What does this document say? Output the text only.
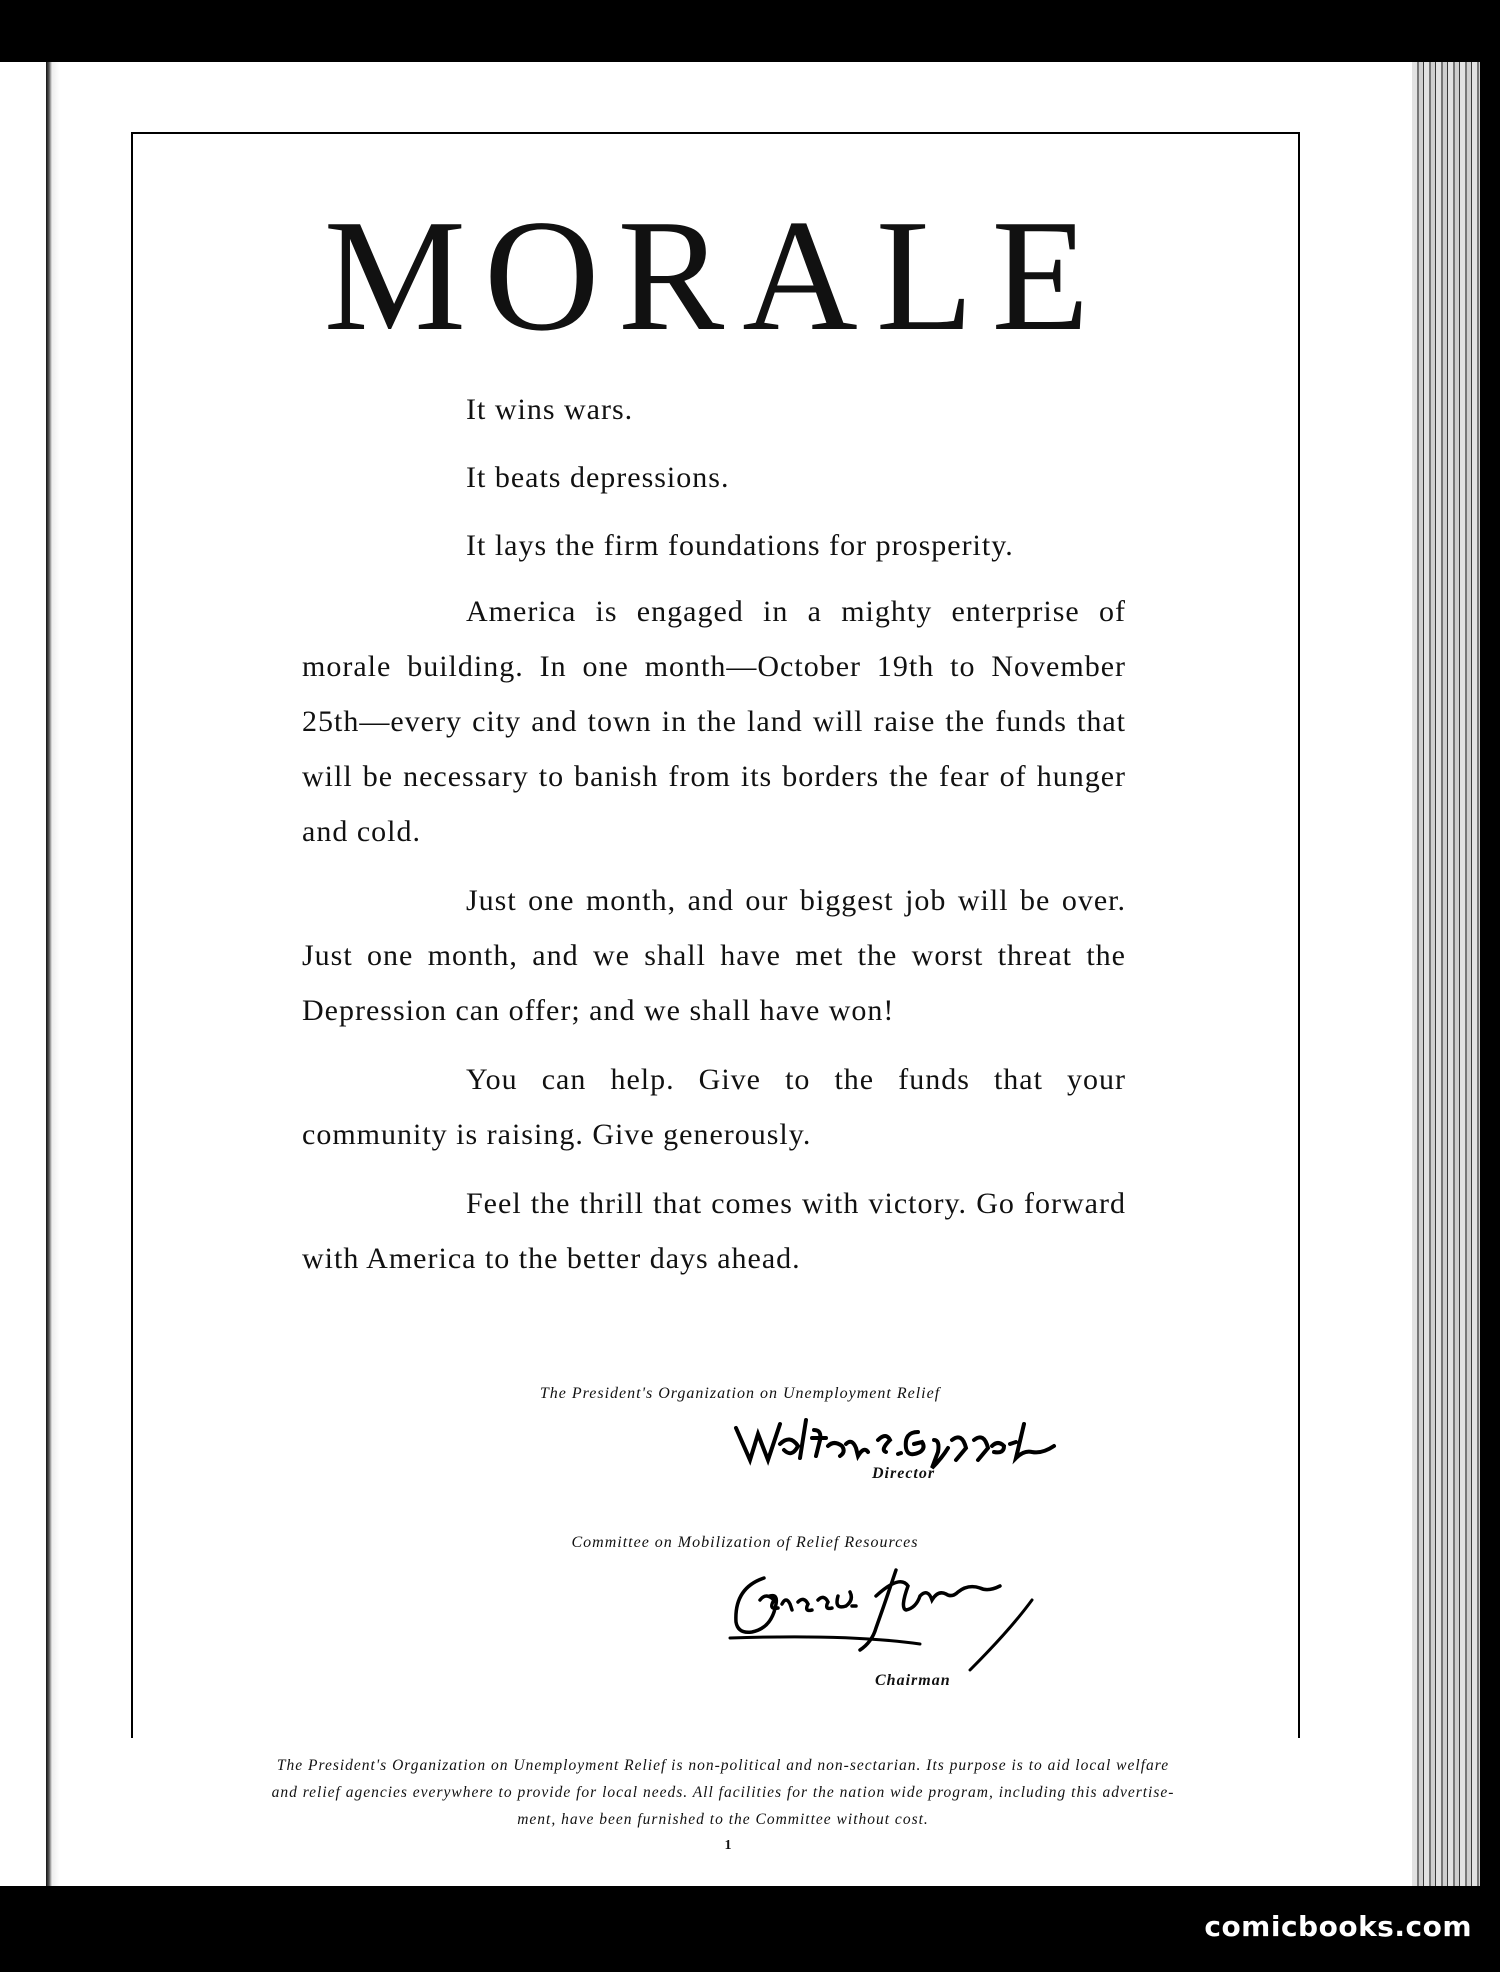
MORALE

It wins wars.

It beats depressions.

It lays the firm foundations for prosperity.

America is engaged in a mighty enterprise of morale building. In one month—October 19th to November 25th—every city and town in the land will raise the funds that will be necessary to banish from its borders the fear of hunger and cold.

Just one month, and our biggest job will be over. Just one month, and we shall have met the worst threat the Depression can offer; and we shall have won!

You can help. Give to the funds that your community is raising. Give generously.

Feel the thrill that comes with victory. Go forward with America to the better days ahead.

The President's Organization on Unemployment Relief
Director
Committee on Mobilization of Relief Resources
Chairman

The President's Organization on Unemployment Relief is non-political and non-sectarian. Its purpose is to aid local welfare

and relief agencies everywhere to provide for local needs. All facilities for the nation wide program, including this advertise-

ment, have been furnished to the Committee without cost.

1
comicbooks.com
